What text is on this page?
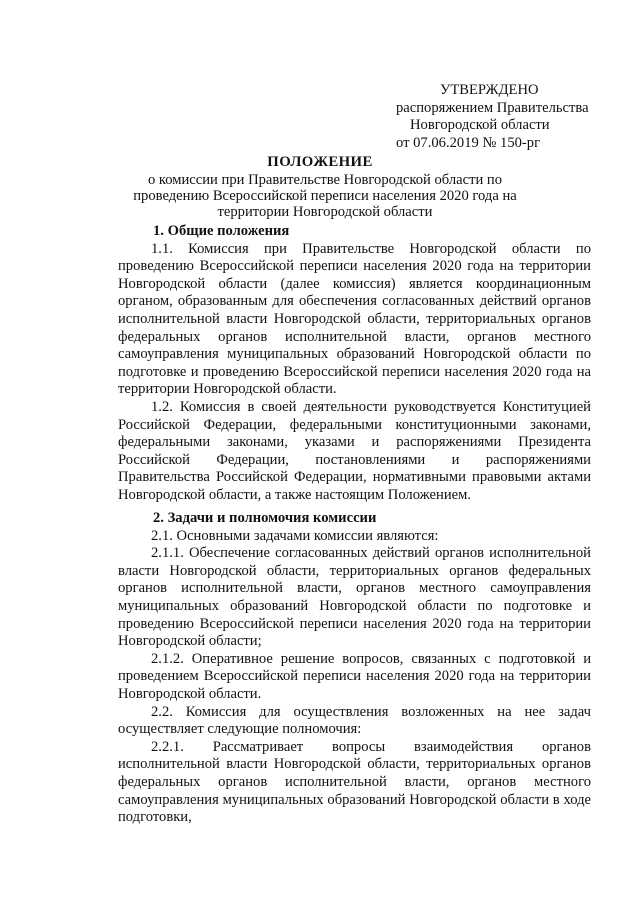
УТВЕРЖДЕНО
распоряжением Правительства
Новгородской области
от 07.06.2019 № 150-рг
ПОЛОЖЕНИЕ
о комиссии при Правительстве Новгородской области по проведению Всероссийской переписи населения 2020 года на территории Новгородской области
1. Общие положения

1.1. Комиссия при Правительстве Новгородской области по проведению Всероссийской переписи населения 2020 года на территории Новгородской области (далее комиссия) является координационным органом, образованным для обеспечения согласованных действий органов исполнительной власти Новгородской области, территориальных органов федеральных органов исполнительной власти, органов местного самоуправления муниципальных образований Новгородской области по подготовке и проведению Всероссийской переписи населения 2020 года на территории Новгородской области.

1.2. Комиссия в своей деятельности руководствуется Конституцией Российской Федерации, федеральными конституционными законами, федеральными законами, указами и распоряжениями Президента Российской Федерации, постановлениями и распоряжениями Правительства Российской Федерации, нормативными правовыми актами Новгородской области, а также настоящим Положением.

2. Задачи и полномочия комиссии

2.1. Основными задачами комиссии являются:

2.1.1. Обеспечение согласованных действий органов исполнительной власти Новгородской области, территориальных органов федеральных органов исполнительной власти, органов местного самоуправления муниципальных образований Новгородской области по подготовке и проведению Всероссийской переписи населения 2020 года на территории Новгородской области;

2.1.2. Оперативное решение вопросов, связанных с подготовкой и проведением Всероссийской переписи населения 2020 года на территории Новгородской области.

2.2. Комиссия для осуществления возложенных на нее задач осуществляет следующие полномочия:

2.2.1. Рассматривает вопросы взаимодействия органов исполнительной власти Новгородской области, территориальных органов федеральных органов исполнительной власти, органов местного самоуправления муниципальных образований Новгородской области в ходе подготовки,
